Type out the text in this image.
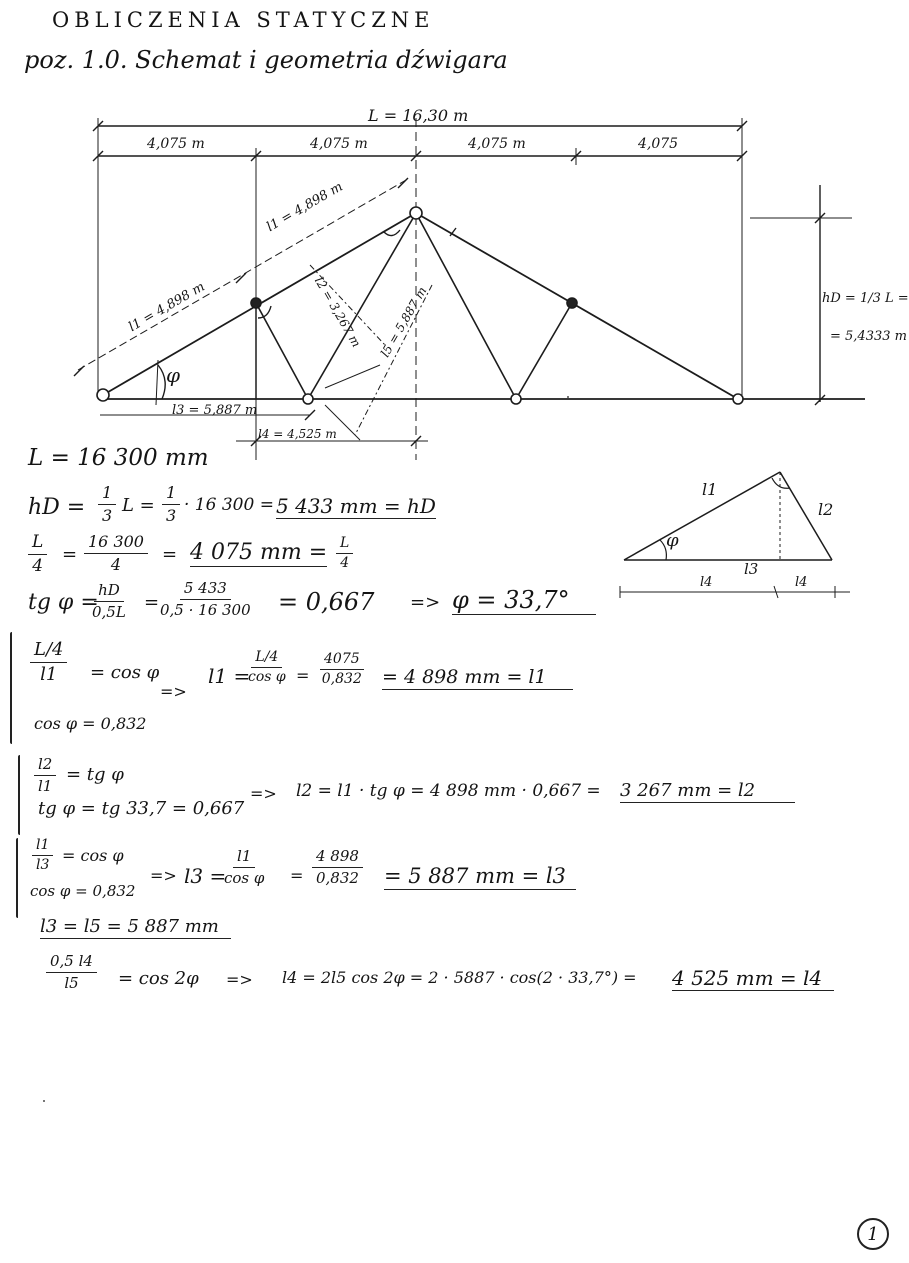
OBLICZENIA STATYCZNE
poz. 1.0. Schemat i geometria dźwigara
L = 16,30 m
4,075 m	4,075 m	4,075 m	4,075
l1 = 4,898 m
l1 = 4,898 m	l2 = 3,267 m l5 = 5,887 m
l3 = 5,887 m
l4 = 4,525 m
φ
hD = 1/3 L =
= 5,4333 m
l1
l2
l3
φ
l4	l4
L = 16 300 mm
hD = $\frac{1}{3}$ $L = \frac{1}{3} \cdot 16$ 300 = 5 433 mm = hD
$\frac{L}{4} = \frac{16 300}{4} = 4$ 075 mm = $\frac{L}{4}$
tg φ =
$\frac{hD}{0,5L} = \frac{5 433}{0,5 \cdot 16 300} = 0,667 => \varphi = 33,7^\circ$
$\frac{L/4}{l1} = \cos \varphi$
cos φ = 0,832
=>
l1 =
$\frac{L/4}{\text{cos φ}} = \frac{4075}{0,832} = 4$ 898 mm = l1
$\frac{l2}{l1}$ = tg φ
tg φ = tg 33,7 = 0,667
=> l2 = l1 · tg φ = 4 898 mm · 0,667 = 3 267 mm = l2
$\frac{l1}{l3} = \cos \varphi$
cos φ = 0,832
=> l3 =
$\frac{l1}{\text{cos φ}} = \frac{4 898}{0,832} = 5$ 887 mm = l3
l3 = l5 = 5 887 mm
$\frac{0,5 l4}{l5} = \cos 2\varphi => l4 = 2l5$ cos 2φ = 2 · 5887 · cos(2 · 33,7°) = 4 525 mm = l4
1
